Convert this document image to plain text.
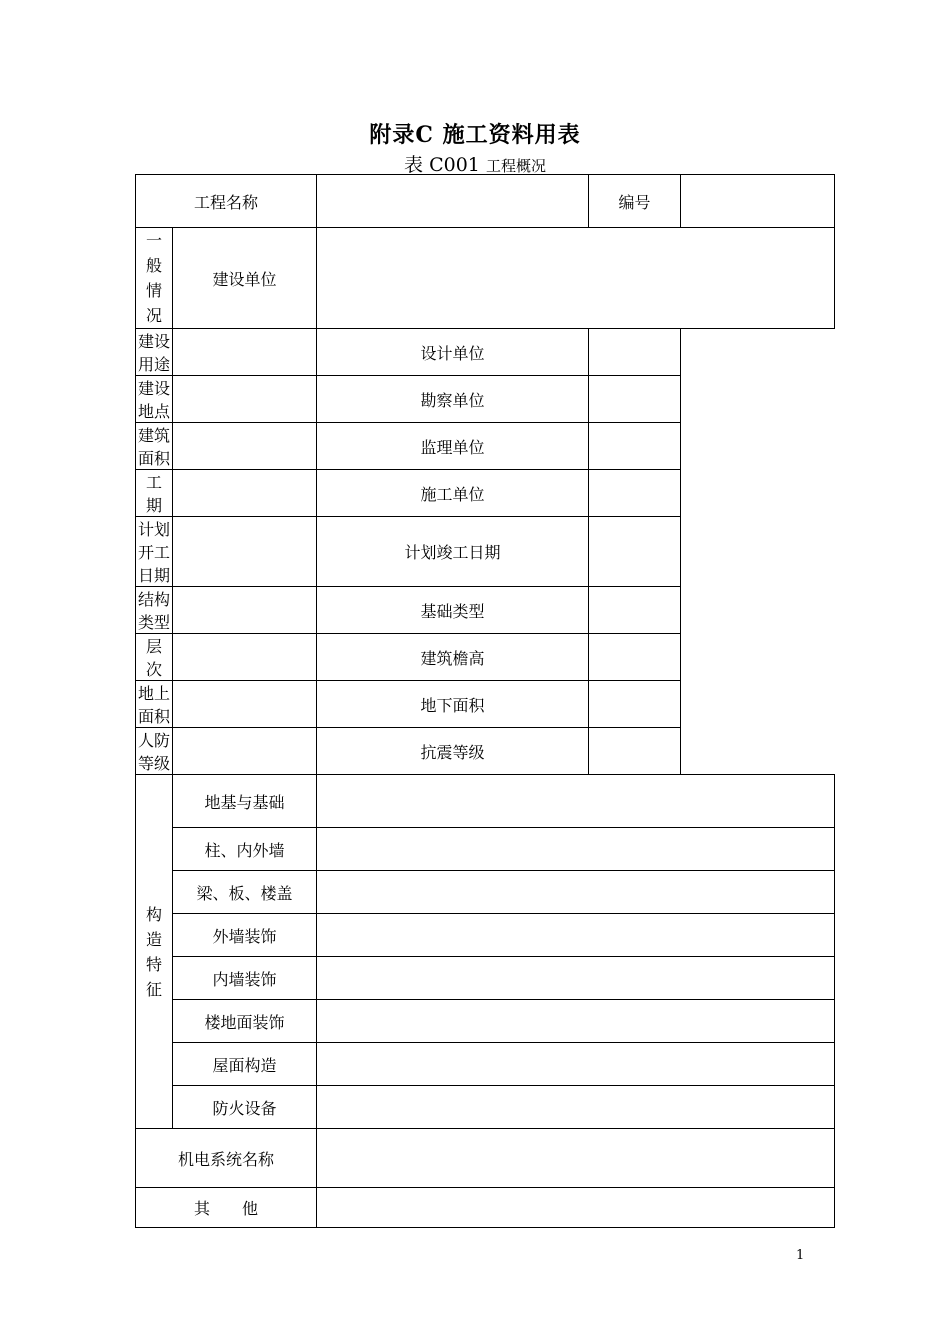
附录C 施工资料用表
表 C001 工程概况
工程名称			编号	
一
般
情
况	建设单位			
建设用途		设计单位		
建设地点		勘察单位		
建筑面积		监理单位		
工　期		施工单位		
计划开工日期		计划竣工日期		
结构类型		基础类型		
层　次		建筑檐高		
地上面积		地下面积		
人防等级		抗震等级		
构
造
特
征	地基与基础			
	柱、内外墙			
	梁、板、楼盖			
	外墙装饰			
	内墙装饰			
	楼地面装饰			
	屋面构造			
	防火设备			
机电系统名称				
其　　他				
1
